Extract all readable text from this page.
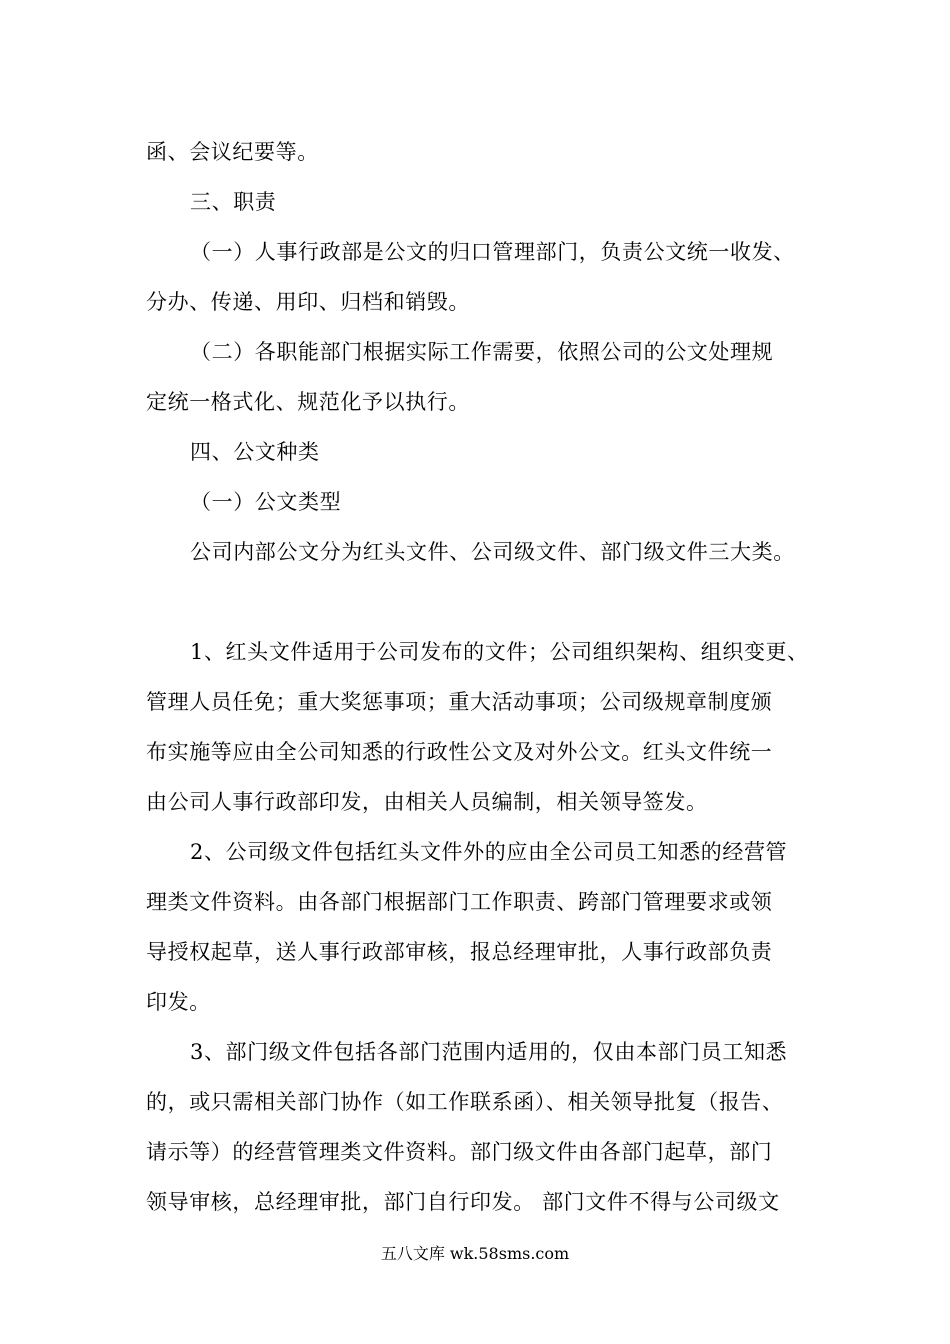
函、会议纪要等。
三、职责
（一）人事行政部是公文的归口管理部门，负责公文统一收发、
分办、传递、用印、归档和销毁。
（二）各职能部门根据实际工作需要，依照公司的公文处理规
定统一格式化、规范化予以执行。
四、公文种类
（一）公文类型
公司内部公文分为红头文件、公司级文件、部门级文件三大类。
1、红头文件适用于公司发布的文件；公司组织架构、组织变更、
管理人员任免；重大奖惩事项；重大活动事项；公司级规章制度颁
布实施等应由全公司知悉的行政性公文及对外公文。红头文件统一
由公司人事行政部印发，由相关人员编制，相关领导签发。
2、公司级文件包括红头文件外的应由全公司员工知悉的经营管
理类文件资料。由各部门根据部门工作职责、跨部门管理要求或领
导授权起草，送人事行政部审核，报总经理审批，人事行政部负责
印发。
3、部门级文件包括各部门范围内适用的，仅由本部门员工知悉
的，或只需相关部门协作（如工作联系函）、相关领导批复（报告、
请示等）的经营管理类文件资料。部门级文件由各部门起草，部门
领导审核，总经理审批，部门自行印发。 部门文件不得与公司级文
五八文库 wk.58sms.com
